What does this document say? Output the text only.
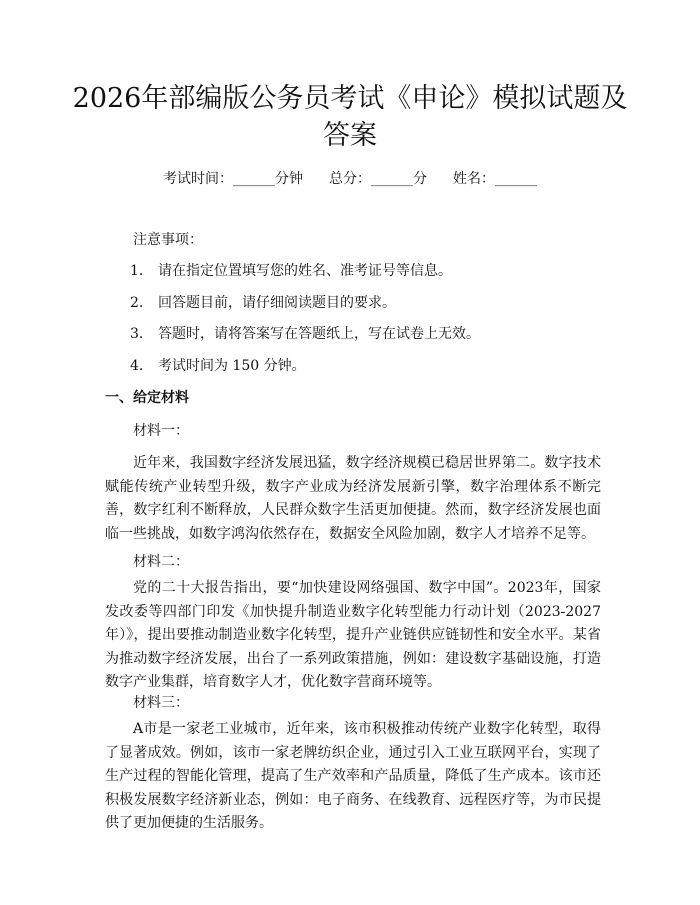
2026年部编版公务员考试《申论》模拟试题及答案
考试时间：______分钟 总分：______分 姓名：______
注意事项：
1. 请在指定位置填写您的姓名、准考证号等信息。
2. 回答题目前，请仔细阅读题目的要求。
3. 答题时，请将答案写在答题纸上，写在试卷上无效。
4. 考试时间为 150 分钟。
一、给定材料
材料一：

近年来，我国数字经济发展迅猛，数字经济规模已稳居世界第二。数字技术赋能传统产业转型升级，数字产业成为经济发展新引擎，数字治理体系不断完善，数字红利不断释放，人民群众数字生活更加便捷。然而，数字经济发展也面临一些挑战，如数字鸿沟依然存在，数据安全风险加剧，数字人才培养不足等。

材料二：

党的二十大报告指出，要“加快建设网络强国、数字中国”。2023年，国家发改委等四部门印发《加快提升制造业数字化转型能力行动计划（2023-2027年）》，提出要推动制造业数字化转型，提升产业链供应链韧性和安全水平。某省为推动数字经济发展，出台了一系列政策措施，例如：建设数字基础设施，打造数字产业集群，培育数字人才，优化数字营商环境等。

材料三：

A市是一家老工业城市，近年来，该市积极推动传统产业数字化转型，取得了显著成效。例如，该市一家老牌纺织企业，通过引入工业互联网平台，实现了生产过程的智能化管理，提高了生产效率和产品质量，降低了生产成本。该市还积极发展数字经济新业态，例如：电子商务、在线教育、远程医疗等，为市民提供了更加便捷的生活服务。
